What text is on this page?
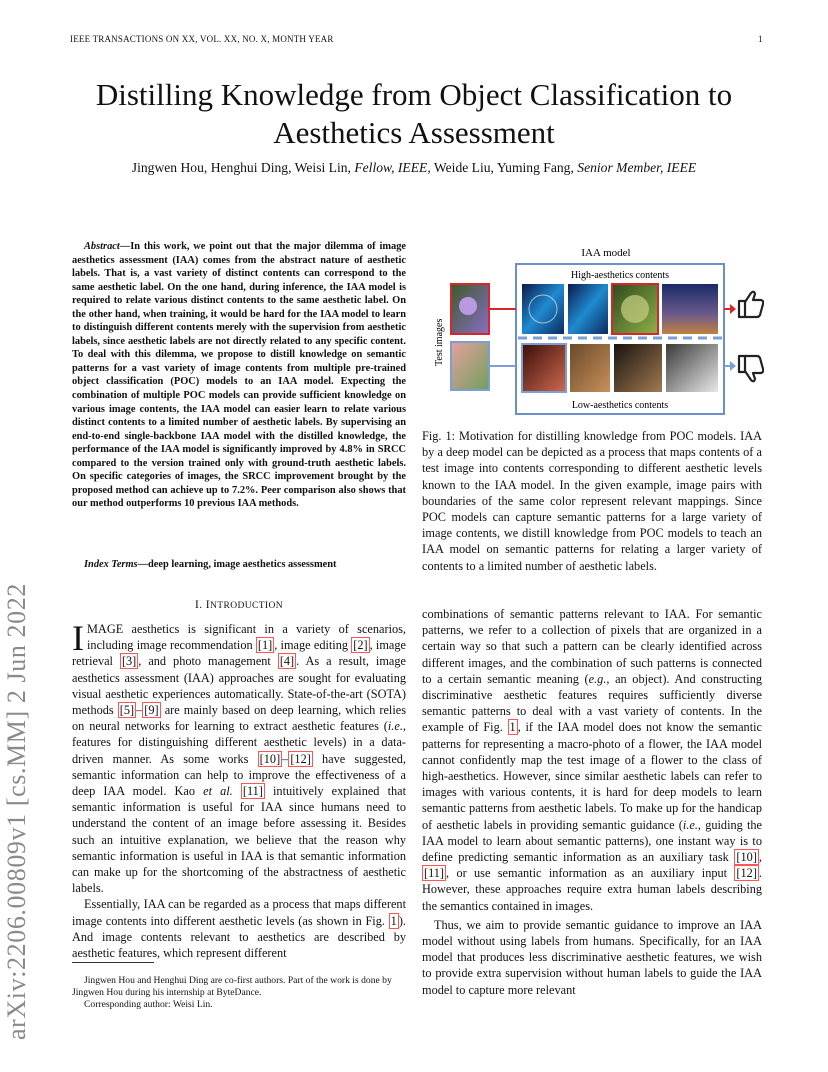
IEEE TRANSACTIONS ON XX, VOL. XX, NO. X, MONTH YEAR	1
arXiv:2206.00809v1 [cs.MM] 2 Jun 2022
Distilling Knowledge from Object Classification to Aesthetics Assessment
Jingwen Hou, Henghui Ding, Weisi Lin, Fellow, IEEE, Weide Liu, Yuming Fang, Senior Member, IEEE
Abstract—In this work, we point out that the major dilemma of image aesthetics assessment (IAA) comes from the abstract nature of aesthetic labels. That is, a vast variety of distinct contents can correspond to the same aesthetic label. On the one hand, during inference, the IAA model is required to relate various distinct contents to the same aesthetic label. On the other hand, when training, it would be hard for the IAA model to learn to distinguish different contents merely with the supervision from aesthetic labels, since aesthetic labels are not directly related to any specific content. To deal with this dilemma, we propose to distill knowledge on semantic patterns for a vast variety of image contents from multiple pre-trained object classification (POC) models to an IAA model. Expecting the combination of multiple POC models can provide sufficient knowledge on various image contents, the IAA model can easier learn to relate various distinct contents to a limited number of aesthetic labels. By supervising an end-to-end single-backbone IAA model with the distilled knowledge, the performance of the IAA model is significantly improved by 4.8% in SRCC compared to the version trained only with ground-truth aesthetic labels. On specific categories of images, the SRCC improvement brought by the proposed method can achieve up to 7.2%. Peer comparison also shows that our method outperforms 10 previous IAA methods.
Index Terms—deep learning, image aesthetics assessment
I. INTRODUCTION

IMAGE aesthetics is significant in a variety of scenarios, including image recommendation [1] , image editing [2] , image retrieval [3] , and photo management [4] . As a result, image aesthetics assessment (IAA) approaches are sought for evaluating visual aesthetic experiences automatically. State-of-the-art (SOTA) methods [5] – [9] are mainly based on deep learning, which relies on neural networks for learning to extract aesthetic features (i.e., features for distinguishing different aesthetic levels) in a data-driven manner. As some works [10] – [12] have suggested, semantic information can help to improve the effectiveness of a deep IAA model. Kao et al. [11] intuitively explained that semantic information is useful for IAA since humans need to understand the content of an image before assessing it. Besides such an intuitive explanation, we believe that the reason why semantic information is useful in IAA is that semantic information can make up for the shortcoming of the abstractness of aesthetic labels.

Essentially, IAA can be regarded as a process that maps different image contents into different aesthetic levels (as shown in Fig. 1 ). And image contents relevant to aesthetics are described by aesthetic features, which represent different

Jingwen Hou and Henghui Ding are co-first authors. Part of the work is done by Jingwen Hou during his internship at ByteDance.

Corresponding author: Weisi Lin.

IAA model
High-aesthetics contents
Low-aesthetics contents
Test images
Fig. 1: Motivation for distilling knowledge from POC models. IAA by a deep model can be depicted as a process that maps contents of a test image into contents corresponding to different aesthetic levels known to the IAA model. In the given example, image pairs with boundaries of the same color represent relevant mappings. Since POC models can capture semantic patterns for a large variety of image contents, we distill knowledge from POC models to teach an IAA model on semantic patterns for relating a larger variety of contents to a limited number of aesthetic labels.

combinations of semantic patterns relevant to IAA. For semantic patterns, we refer to a collection of pixels that are organized in a certain way so that such a pattern can be clearly identified across different images, and the combination of such patterns is connected to a certain semantic meaning (e.g., an object). And constructing discriminative aesthetic features requires sufficiently diverse semantic patterns to deal with a vast variety of contents. In the example of Fig. 1 , if the IAA model does not know the semantic patterns for representing a macro-photo of a flower, the IAA model cannot confidently map the test image of a flower to the class of high-aesthetics. However, since similar aesthetic labels can refer to images with various contents, it is hard for deep models to learn semantic patterns from aesthetic labels. To make up for the handicap of aesthetic labels in providing semantic guidance (i.e., guiding the IAA model to learn about semantic patterns), one instant way is to define predicting semantic information as an auxiliary task [10] , [11] , or use semantic information as an auxiliary input [12] . However, these approaches require extra human labels describing the semantics contained in images.

Thus, we aim to provide semantic guidance to improve an IAA model without using labels from humans. Specifically, for an IAA model that produces less discriminative aesthetic features, we wish to provide extra supervision without human labels to guide the IAA model to capture more relevant
